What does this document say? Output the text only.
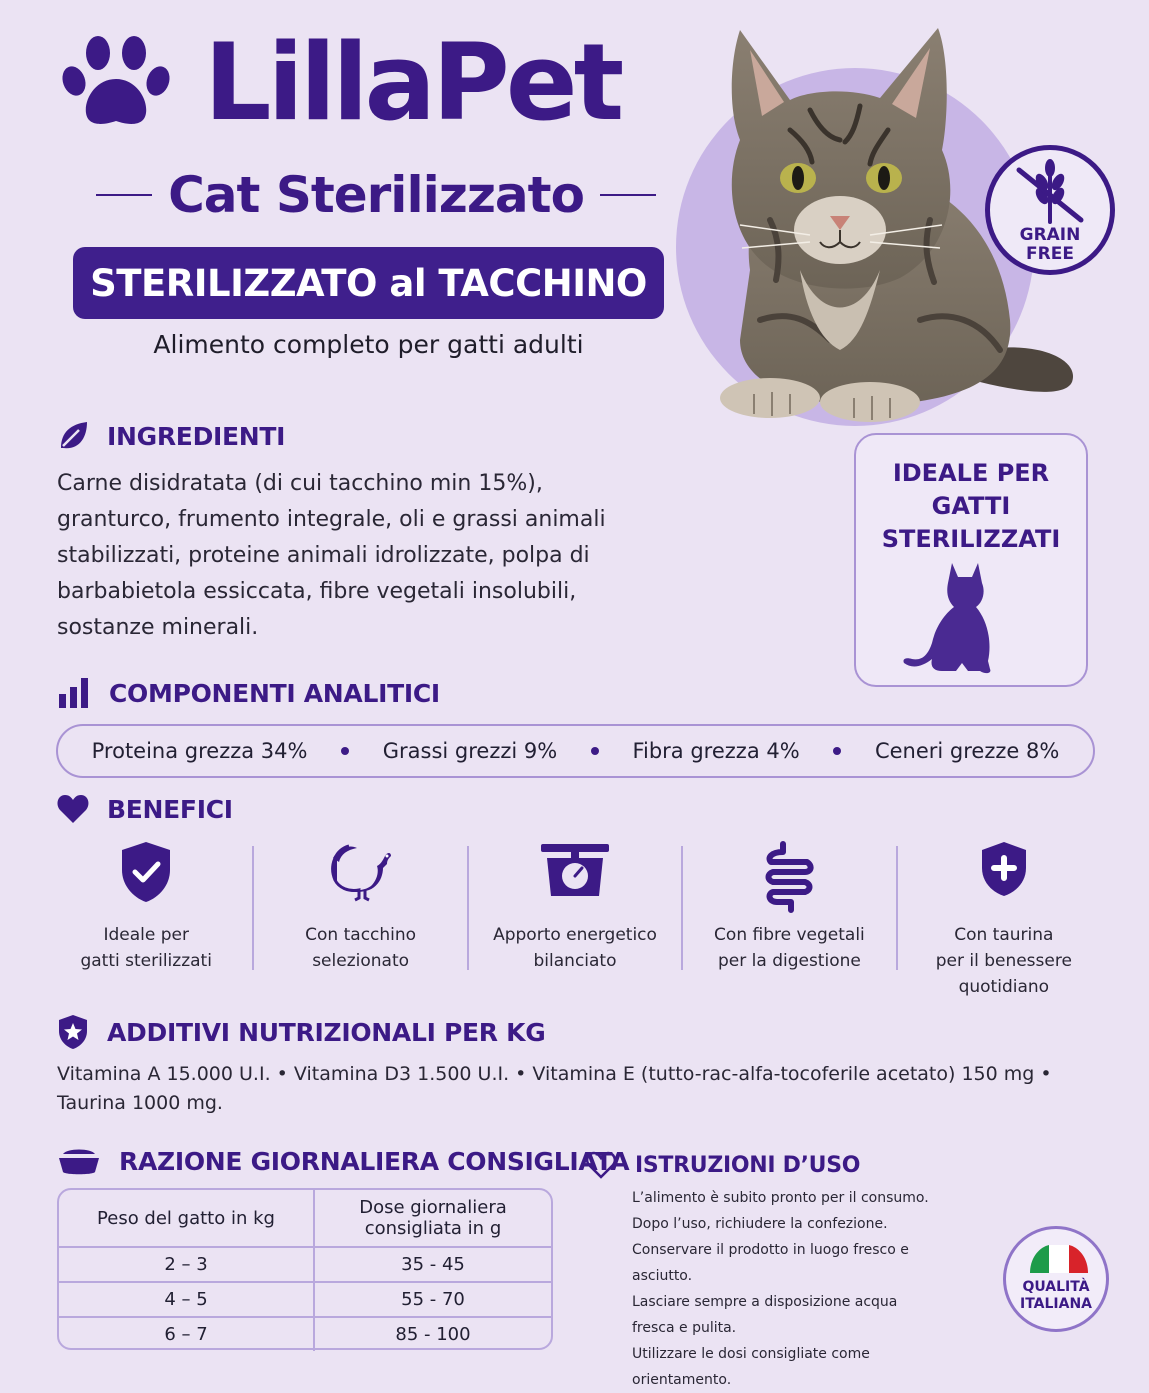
LillaPet
Cat Sterilizzato
STERILIZZATO al TACCHINO
Alimento completo per gatti adulti
GRAIN
FREE
INGREDIENTI
Carne disidratata (di cui tacchino min 15%), granturco, frumento integrale, oli e grassi animali stabilizzati, proteine animali idrolizzate, polpa di barbabietola essiccata, fibre vegetali insolubili, sostanze minerali.
IDEALE PER
GATTI
STERILIZZATI
COMPONENTI ANALITICI
Proteina grezza 34%	Grassi grezzi 9%	Fibra grezza 4%	Ceneri grezze 8%
BENEFICI
Ideale per
gatti sterilizzati
Con tacchino
selezionato
Apporto energetico
bilanciato
Con fibre vegetali
per la digestione
Con taurina
per il benessere
quotidiano
ADDITIVI NUTRIZIONALI PER KG
Vitamina A 15.000 U.I. • Vitamina D3 1.500 U.I. • Vitamina E (tutto-rac-alfa-tocoferile acetato) 150 mg • Taurina 1000 mg.
RAZIONE GIORNALIERA CONSIGLIATA
Peso del gatto in kg	Dose giornaliera
consigliata in g
2 – 3	35 - 45
4 – 5	55 - 70
6 – 7	85 - 100
ISTRUZIONI D’USO
L’alimento è subito pronto per il consumo.
Dopo l’uso, richiudere la confezione.
Conservare il prodotto in luogo fresco e asciutto.
Lasciare sempre a disposizione acqua
fresca e pulita.
Utilizzare le dosi consigliate come orientamento.
QUALITÀ
ITALIANA
